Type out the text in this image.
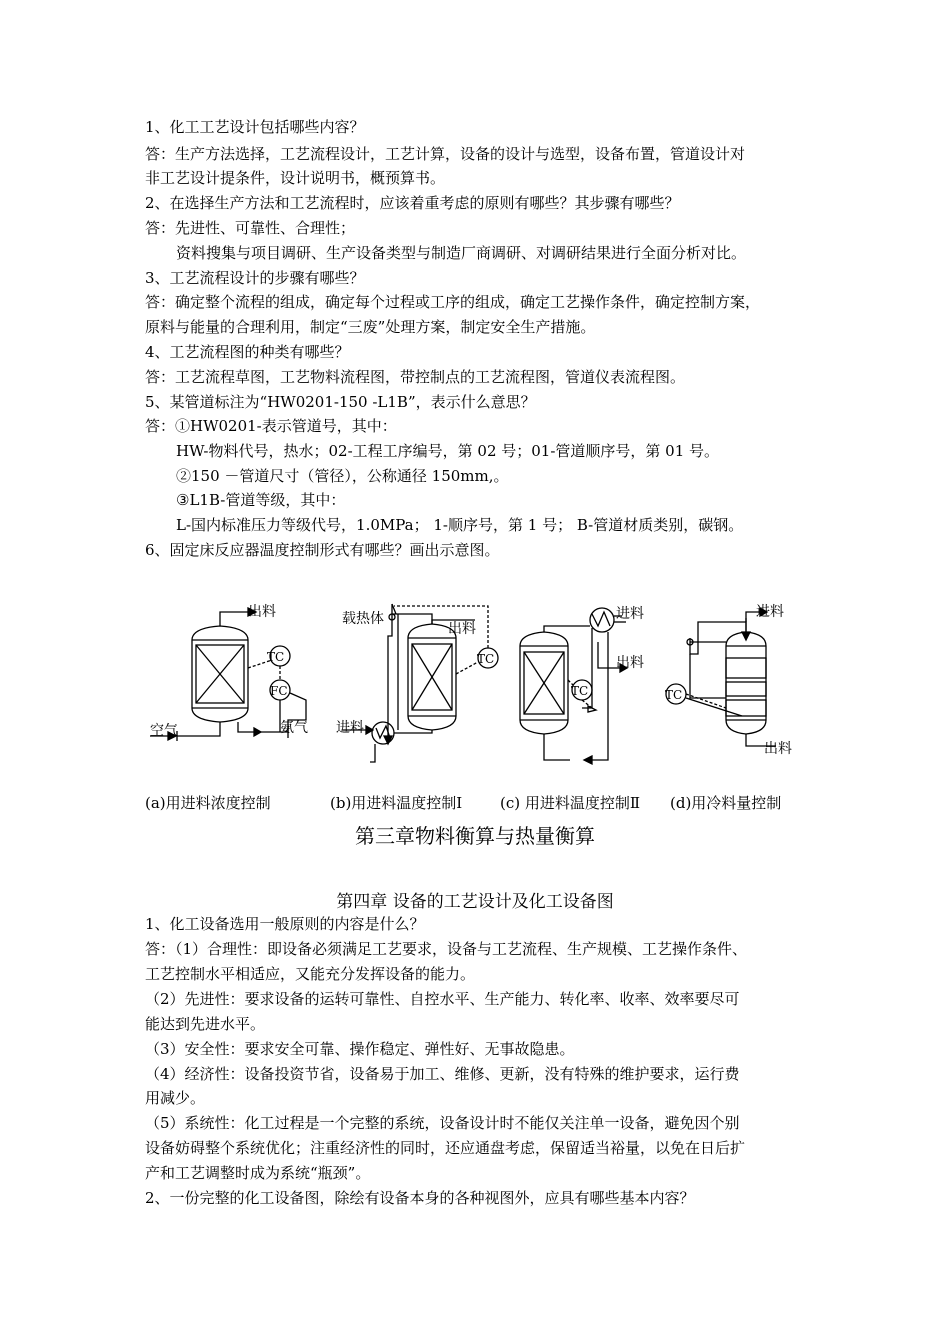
1、化工工艺设计包括哪些内容？
答：生产方法选择，工艺流程设计，工艺计算，设备的设计与选型，设备布置，管道设计对
非工艺设计提条件，设计说明书，概预算书。
2、在选择生产方法和工艺流程时，应该着重考虑的原则有哪些？其步骤有哪些？
答：先进性、可靠性、合理性；
资料搜集与项目调研、生产设备类型与制造厂商调研、对调研结果进行全面分析对比。
3、工艺流程设计的步骤有哪些？
答：确定整个流程的组成，确定每个过程或工序的组成，确定工艺操作条件，确定控制方案，
原料与能量的合理利用，制定“三废”处理方案，制定安全生产措施。
4、工艺流程图的种类有哪些？
答：工艺流程草图，工艺物料流程图，带控制点的工艺流程图，管道仪表流程图。
5、某管道标注为“HW0201-150 -L1B”，表示什么意思？
答：①HW0201-表示管道号，其中：
HW-物料代号，热水；02-工程工序编号，第 02 号；01-管道顺序号，第 01 号。
②150 －管道尺寸（管径），公称通径 150mm,。
③L1B-管道等级，其中：
L-国内标准压力等级代号，1.0MPa； 1-顺序号，第 1 号； B-管道材质类别，碳钢。
6、固定床反应器温度控制形式有哪些？画出示意图。
出料
TC
FC
空气	氨气
载热体
出料
TC
进料
进料
出料
TC
进料
TC
出料
(a)用进料浓度控制	(b)用进料温度控制Ⅰ	(c) 用进料温度控制Ⅱ (d)用冷料量控制
第三章物料衡算与热量衡算
第四章 设备的工艺设计及化工设备图
1、化工设备选用一般原则的内容是什么？
答：（1）合理性：即设备必须满足工艺要求，设备与工艺流程、生产规模、工艺操作条件、
工艺控制水平相适应，又能充分发挥设备的能力。
（2）先进性：要求设备的运转可靠性、自控水平、生产能力、转化率、收率、效率要尽可
能达到先进水平。
（3）安全性：要求安全可靠、操作稳定、弹性好、无事故隐患。
（4）经济性：设备投资节省，设备易于加工、维修、更新，没有特殊的维护要求，运行费
用减少。
（5）系统性：化工过程是一个完整的系统，设备设计时不能仅关注单一设备，避免因个别
设备妨碍整个系统优化；注重经济性的同时，还应通盘考虑，保留适当裕量，以免在日后扩
产和工艺调整时成为系统“瓶颈”。
2、一份完整的化工设备图，除绘有设备本身的各种视图外，应具有哪些基本内容？
